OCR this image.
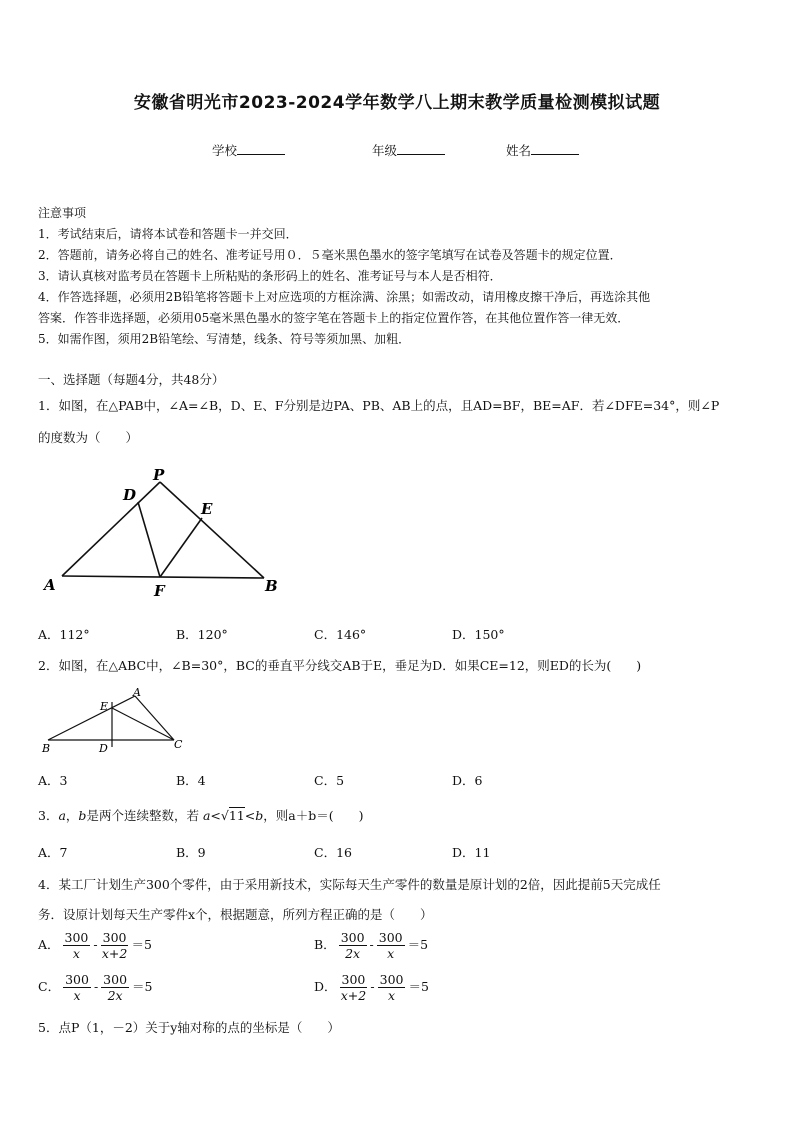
安徽省明光市2023-2024学年数学八上期末教学质量检测模拟试题
学校	年级	姓名
注意事项
1．考试结束后，请将本试卷和答题卡一并交回．
2．答题前，请务必将自己的姓名、准考证号用０．５毫米黑色墨水的签字笔填写在试卷及答题卡的规定位置．
3．请认真核对监考员在答题卡上所粘贴的条形码上的姓名、准考证号与本人是否相符．
4．作答选择题，必须用2B铅笔将答题卡上对应选项的方框涂满、涂黑；如需改动，请用橡皮擦干净后，再选涂其他
答案．作答非选择题，必须用05毫米黑色墨水的签字笔在答题卡上的指定位置作答，在其他位置作答一律无效．
5．如需作图，须用2B铅笔绘、写清楚，线条、符号等须加黑、加粗．
一、选择题（每题4分，共48分）
1．如图，在△PAB中，∠A=∠B，D、E、F分别是边PA、PB、AB上的点，且AD=BF，BE=AF．若∠DFE=34°，则∠P
的度数为（　　）
P
D
E
A	F	B
A．112°	B．120°	C．146°	D．150°
2．如图，在△ABC中，∠B=30°，BC的垂直平分线交AB于E，垂足为D．如果CE=12，则ED的长为(　　)
A
E
B	D	C
A．3	B．4	C．5	D．6
3．a，b是两个连续整数，若 a<√11<b，则a＋b＝(　　)
A．7	B．9	C．16	D．11
4．某工厂计划生产300个零件，由于采用新技术，实际每天生产零件的数量是原计划的2倍，因此提前5天完成任
务．设原计划每天生产零件x个，根据题意，所列方程正确的是（　　）
A． $\frac{300}{x} - \frac{300}{x+2} =5$	B． $\frac{300}{2x} - \frac{300}{x} =5$
C． $\frac{300}{x} - \frac{300}{2x} =5$	D． $\frac{300}{x+2} - \frac{300}{x} =5$
5．点P（1，－2）关于y轴对称的点的坐标是（　　）
